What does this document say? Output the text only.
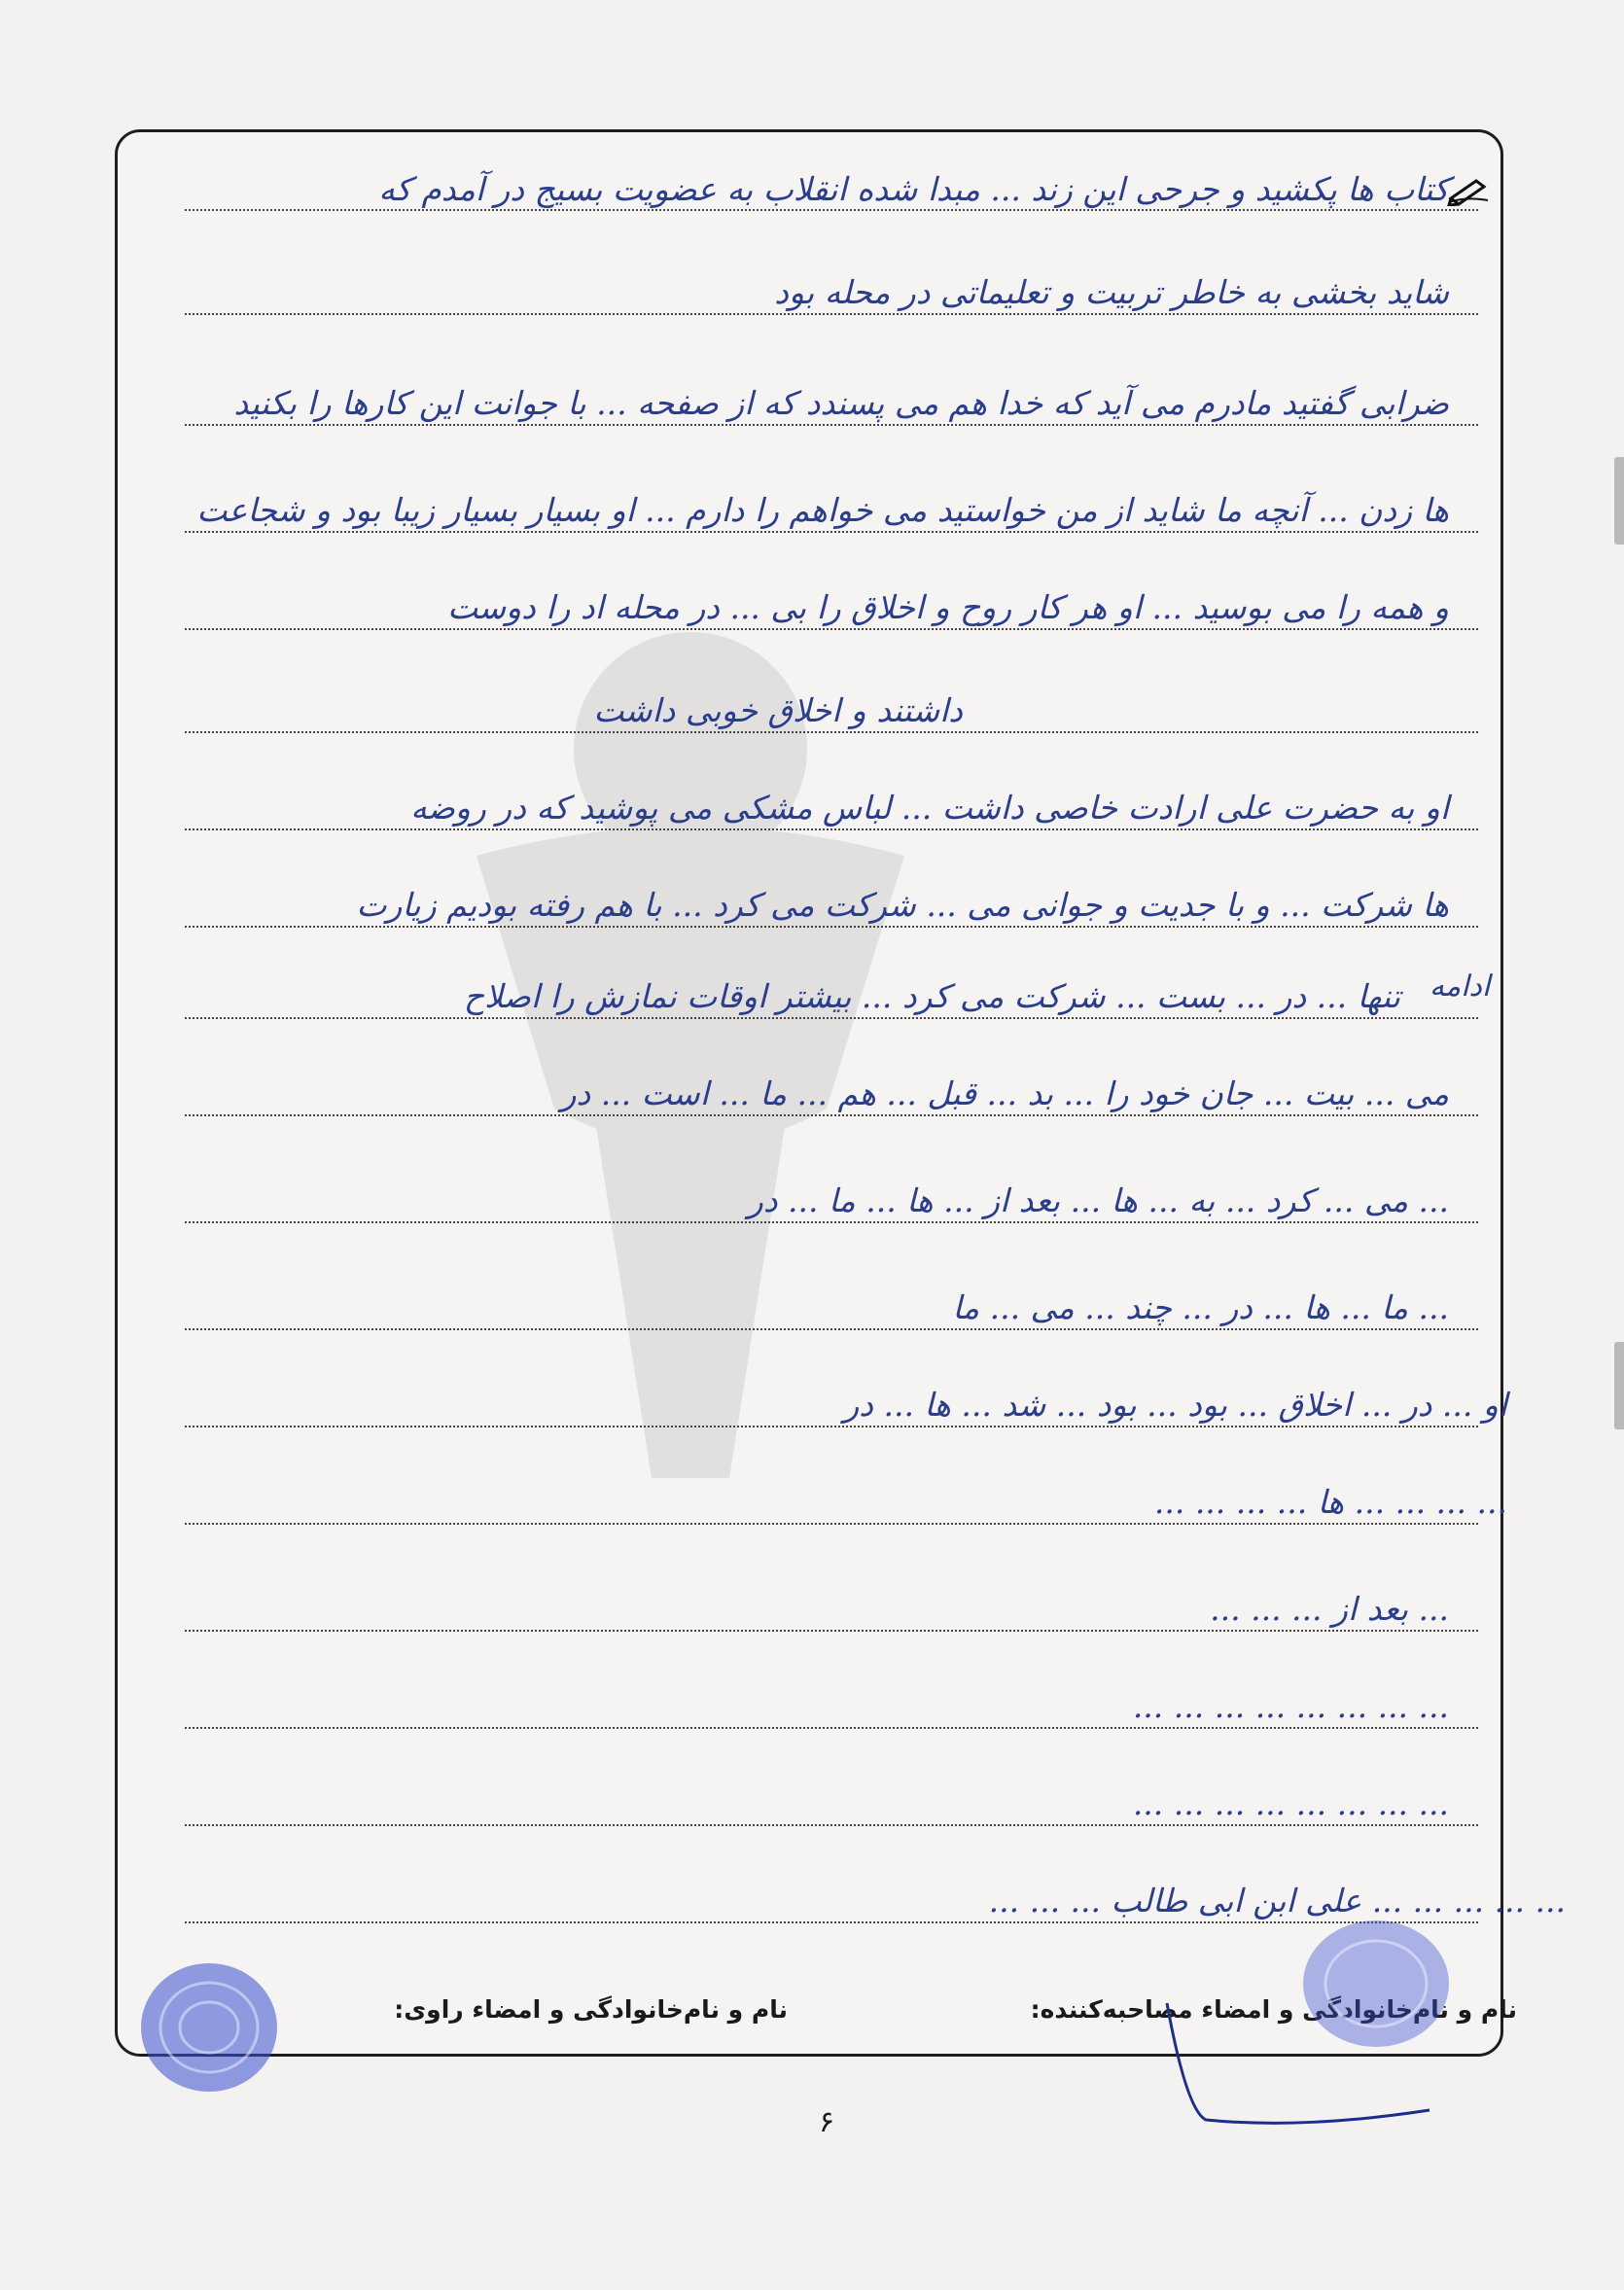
کتاب ها پکشید و جرحی این زند ... مبدا شده انقلاب به عضویت بسیج در آمدم که
شاید بخشی به خاطر تربیت و تعلیماتی در محله بود
ضرابی گفتید مادرم می آید که خدا هم می پسندد که از صفحه ... با جوانت این کارها را بکنید
ها زدن ... آنچه ما شاید از من خواستید می خواهم را دارم ... او بسیار بسیار زیبا بود و شجاعت
و همه را می بوسید ... او هر کار روح و اخلاق را بی ... در محله اد را دوست
داشتند و اخلاق خوبی داشت
او به حضرت علی ارادت خاصی داشت ... لباس مشکی می پوشید که در روضه
ها شرکت ... و با جدیت و جوانی می ... شرکت می کرد ... با هم رفته بودیم زیارت
تنها ... در ... بست ... شرکت می کرد ... بیشتر اوقات نمازش را اصلاح
می ... بیت ... جان خود را ... بد ... قبل ... هم ... ما ... است ... در
... می ... کرد ... به ... ها ... بعد از ... ها ... ما ... در
... ما ... ها ... در ... چند ... می ... ما
او ... در ... اخلاق ... بود ... بود ... شد ... ها ... در
... ... ... ... ها ... ... ... ...
... بعد از ... ... ...
... ... ... ... ... ... ... ...
... ... ... ... ... ... ... ...
... ... ... ... ... علی ابن ابی طالب ... ... ...
ادامه
نام و نام‌خانوادگی و امضاء مصاحبه‌کننده:
نام و نام‌خانوادگی و امضاء راوی:
۶
